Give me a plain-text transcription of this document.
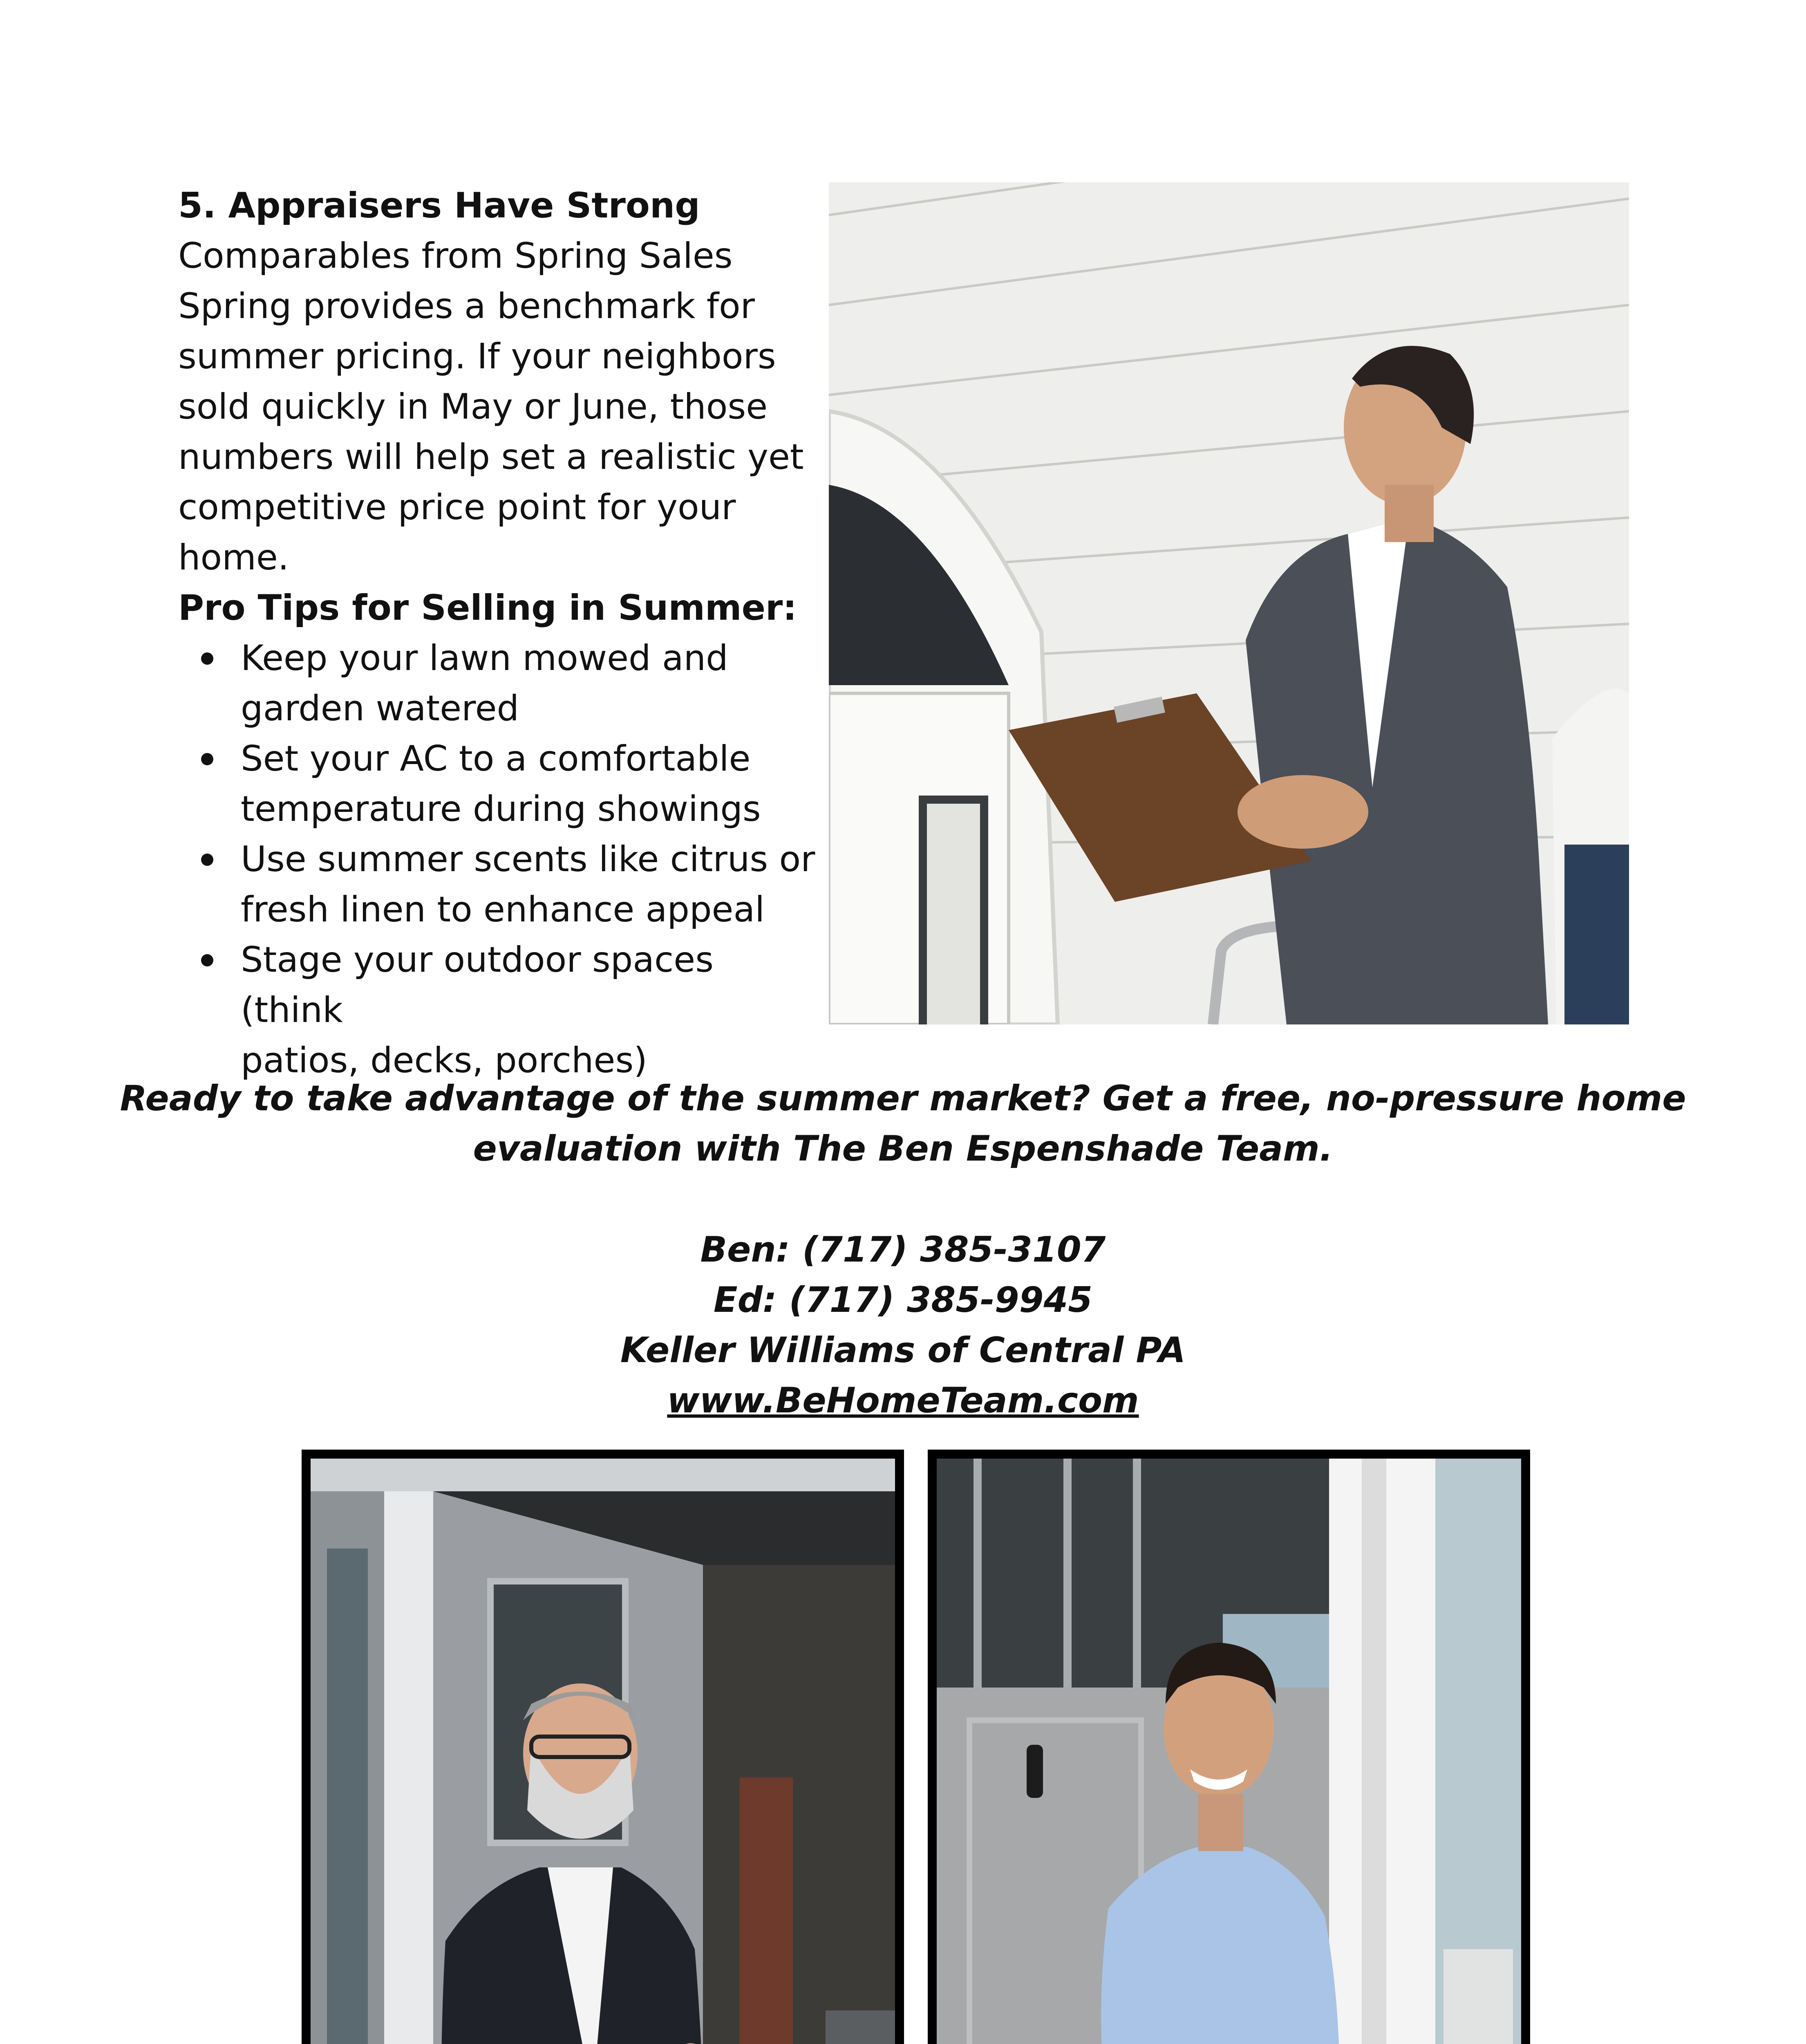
5. Appraisers Have Strong

Comparables from Spring Sales

Spring provides a benchmark for

summer pricing. If your neighbors

sold quickly in May or June, those

numbers will help set a realistic yet

competitive price point for your

home.

Pro Tips for Selling in Summer:

Keep your lawn mowed and
garden watered
Set your AC to a comfortable
temperature during showings
Use summer scents like citrus or
fresh linen to enhance appeal
Stage your outdoor spaces (think
patios, decks, porches)
Ready to take advantage of the summer market? Get a free, no-pressure home
evaluation with The Ben Espenshade Team.
Ben: (717) 385-3107
Ed: (717) 385-9945
Keller Williams of Central PA
www.BeHomeTeam.com
